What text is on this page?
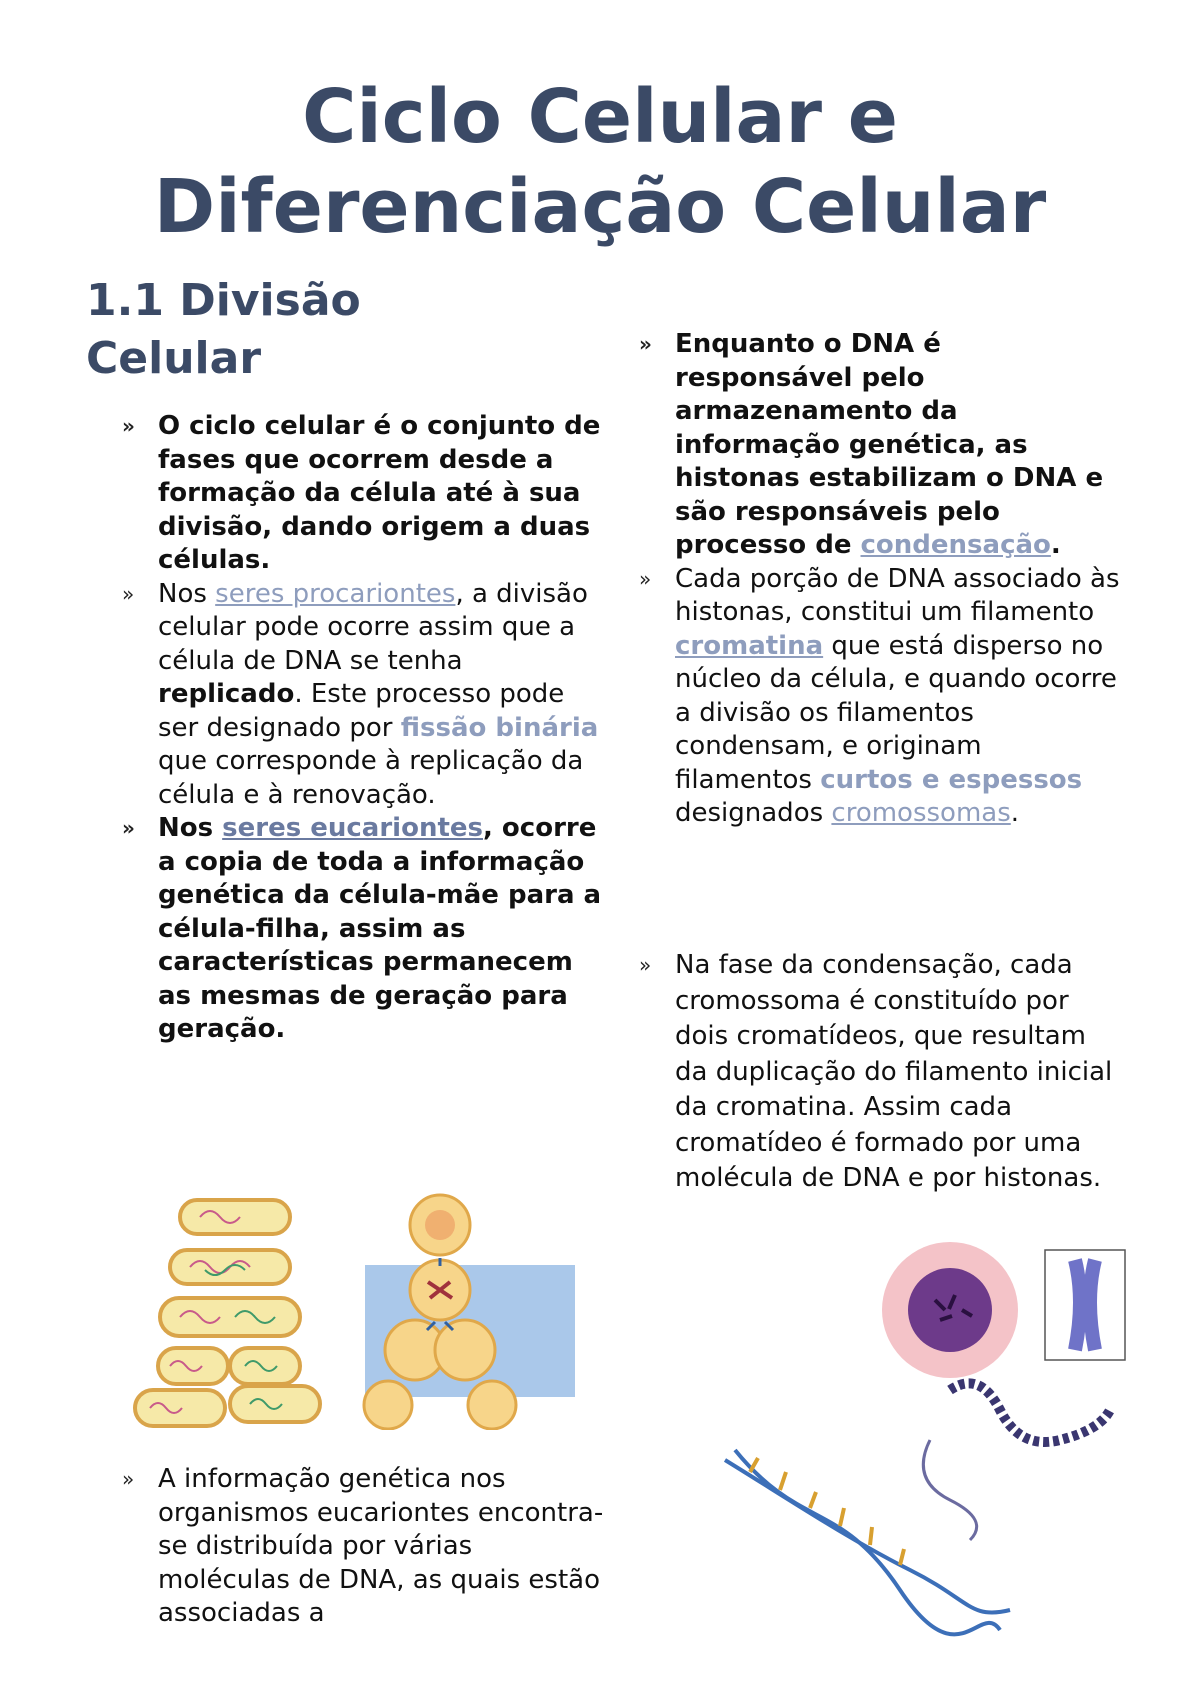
Ciclo Celular e
Diferenciação Celular
1.1 Divisão Celular
» O ciclo celular é o conjunto de fases que ocorrem desde a formação da célula até à sua divisão, dando origem a duas células.
» Nos seres procariontes, a divisão celular pode ocorre assim que a célula de DNA se tenha replicado. Este processo pode ser designado por fissão binária que corresponde à replicação da célula e à renovação.
» Nos seres eucariontes, ocorre a copia de toda a informação genética da célula-mãe para a célula-filha, assim as características permanecem as mesmas de geração para geração.
» A informação genética nos organismos eucariontes encontra-se distribuída por várias moléculas de DNA, as quais estão associadas a
» Enquanto o DNA é responsável pelo armazenamento da informação genética, as histonas estabilizam o DNA e são responsáveis pelo processo de condensação.
» Cada porção de DNA associado às histonas, constitui um filamento cromatina que está disperso no núcleo da célula, e quando ocorre a divisão os filamentos condensam, e originam filamentos curtos e espessos designados cromossomas.
» Na fase da condensação, cada cromossoma é constituído por dois cromatídeos, que resultam da duplicação do filamento inicial da cromatina. Assim cada cromatídeo é formado por uma molécula de DNA e por histonas.
